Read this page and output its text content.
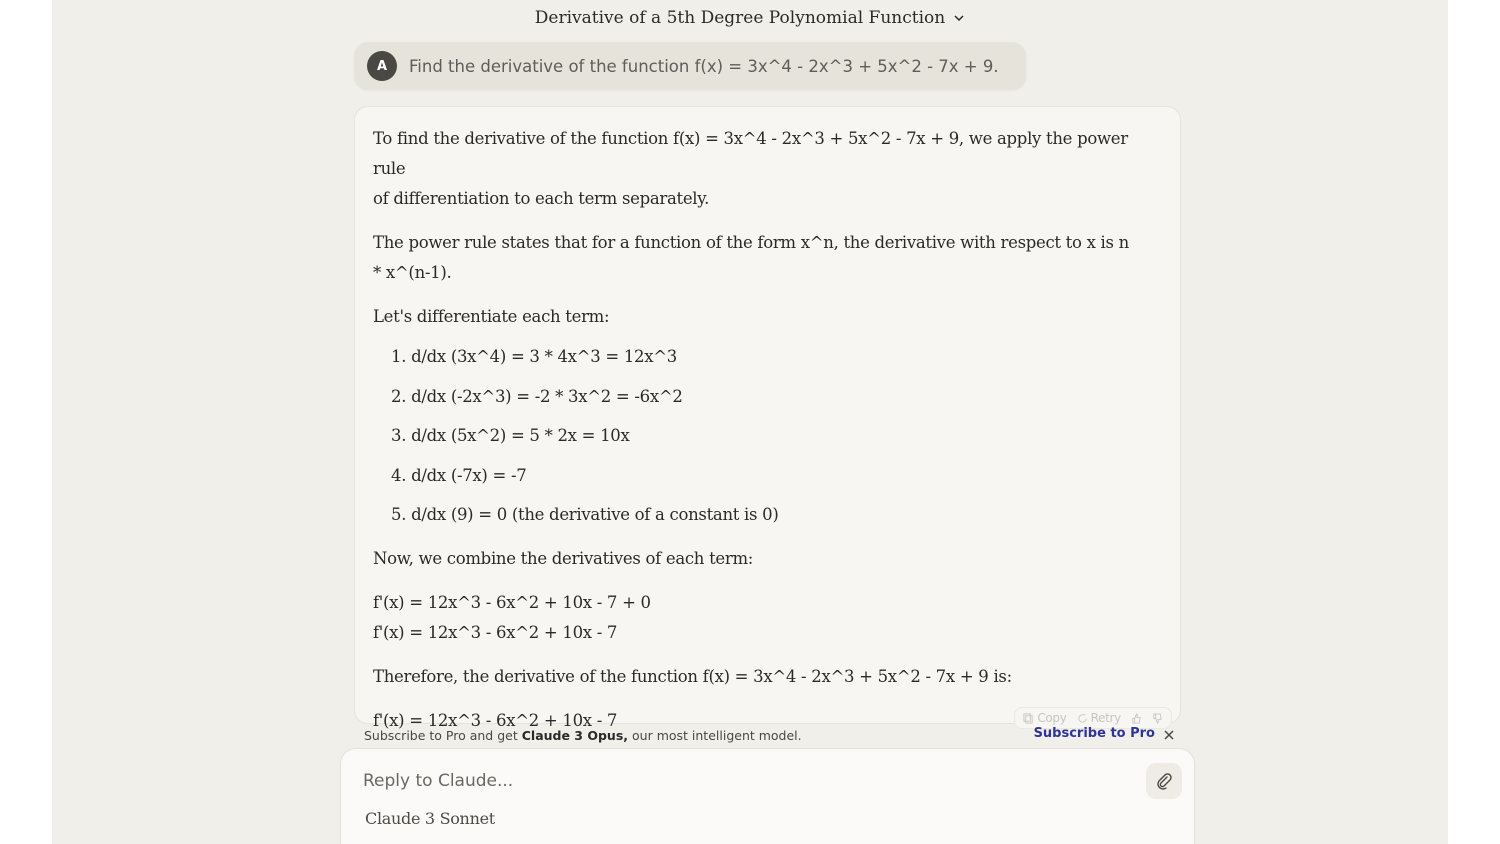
Derivative of a 5th Degree Polynomial Function
A	Find the derivative of the function f(x) = 3x^4 - 2x^3 + 5x^2 - 7x + 9.

To find the derivative of the function f(x) = 3x^4 - 2x^3 + 5x^2 - 7x + 9, we apply the power rule
of differentiation to each term separately.

The power rule states that for a function of the form x^n, the derivative with respect to x is n
* x^(n-1).

Let's differentiate each term:

1. d/dx (3x^4) = 3 * 4x^3 = 12x^3
2. d/dx (-2x^3) = -2 * 3x^2 = -6x^2
3. d/dx (5x^2) = 5 * 2x = 10x
4. d/dx (-7x) = -7
5. d/dx (9) = 0 (the derivative of a constant is 0)

Now, we combine the derivatives of each term:

f'(x) = 12x^3 - 6x^2 + 10x - 7 + 0

f'(x) = 12x^3 - 6x^2 + 10x - 7

Therefore, the derivative of the function f(x) = 3x^4 - 2x^3 + 5x^2 - 7x + 9 is:

f'(x) = 12x^3 - 6x^2 + 10x - 7	Copy Retry
Subscribe to Pro and get Claude 3 Opus, our most intelligent model.	Subscribe to Pro
Reply to Claude...
Claude 3 Sonnet
